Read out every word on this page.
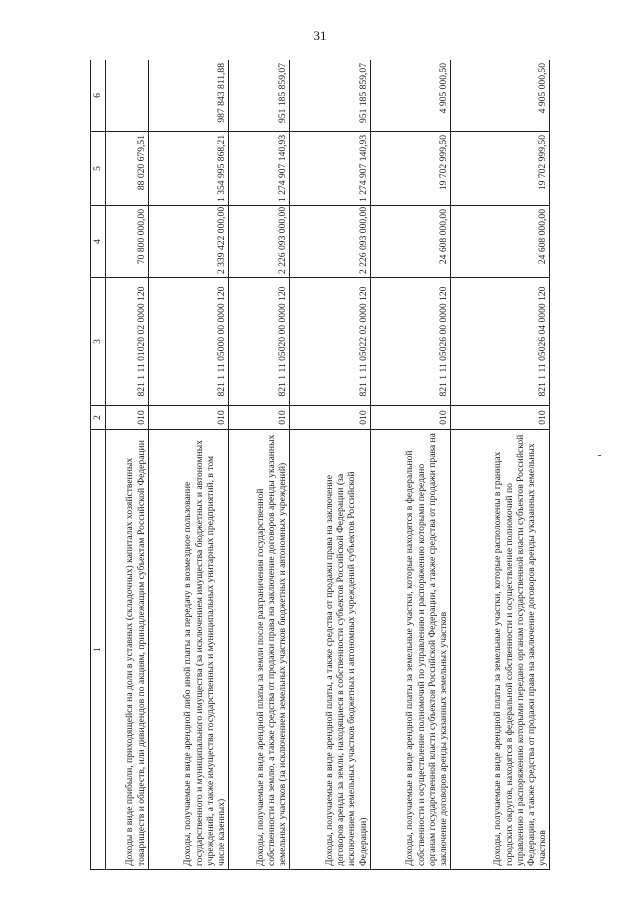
31
1	2	3	4	5	6
Доходы в виде прибыли, приходящейся на доли в уставных (складочных) капиталах хозяйственных товариществ и обществ, или дивидендов по акциям, принадлежащим субъектам Российской Федерации	010	821 1 11 01020 02 0000 120	70 800 000,00	88 020 679,51	
Доходы, получаемые в виде арендной либо иной платы за передачу в возмездное пользование государственного и муниципального имущества (за исключением имущества бюджетных и автономных учреждений, а также имущества государственных и муниципальных унитарных предприятий, в том числе казенных)	010	821 1 11 05000 00 0000 120	2 339 422 000,00	1 354 995 868,21	987 843 811,88
Доходы, получаемые в виде арендной платы за земли после разграничения государственной собственности на землю, а также средства от продажи права на заключение договоров аренды указанных земельных участков (за исключением земельных участков бюджетных и автономных учреждений)	010	821 1 11 05020 00 0000 120	2 226 093 000,00	1 274 907 140,93	951 185 859,07
Доходы, получаемые в виде арендной платы, а также средства от продажи права на заключение договоров аренды за земли, находящиеся в собственности субъектов Российской Федерации (за исключением земельных участков бюджетных и автономных учреждений субъектов Российской Федерации)	010	821 1 11 05022 02 0000 120	2 226 093 000,00	1 274 907 140,93	951 185 859,07
Доходы, получаемые в виде арендной платы за земельные участки, которые находятся в федеральной собственности и осуществление полномочий по управлению и распоряжению которыми передано органам государственной власти субъектов Российской Федерации, а также средства от продажи права на заключение договоров аренды указанных земельных участков	010	821 1 11 05026 00 0000 120	24 608 000,00	19 702 999,50	4 905 000,50
Доходы, получаемые в виде арендной платы за земельные участки, которые расположены в границах городских округов, находятся в федеральной собственности и осуществление полномочий по управлению и распоряжению которыми передано органам государственной власти субъектов Российской Федерации, а также средства от продажи права на заключение договоров аренды указанных земельных участков	010	821 1 11 05026 04 0000 120	24 608 000,00	19 702 999,50	4 905 000,50
